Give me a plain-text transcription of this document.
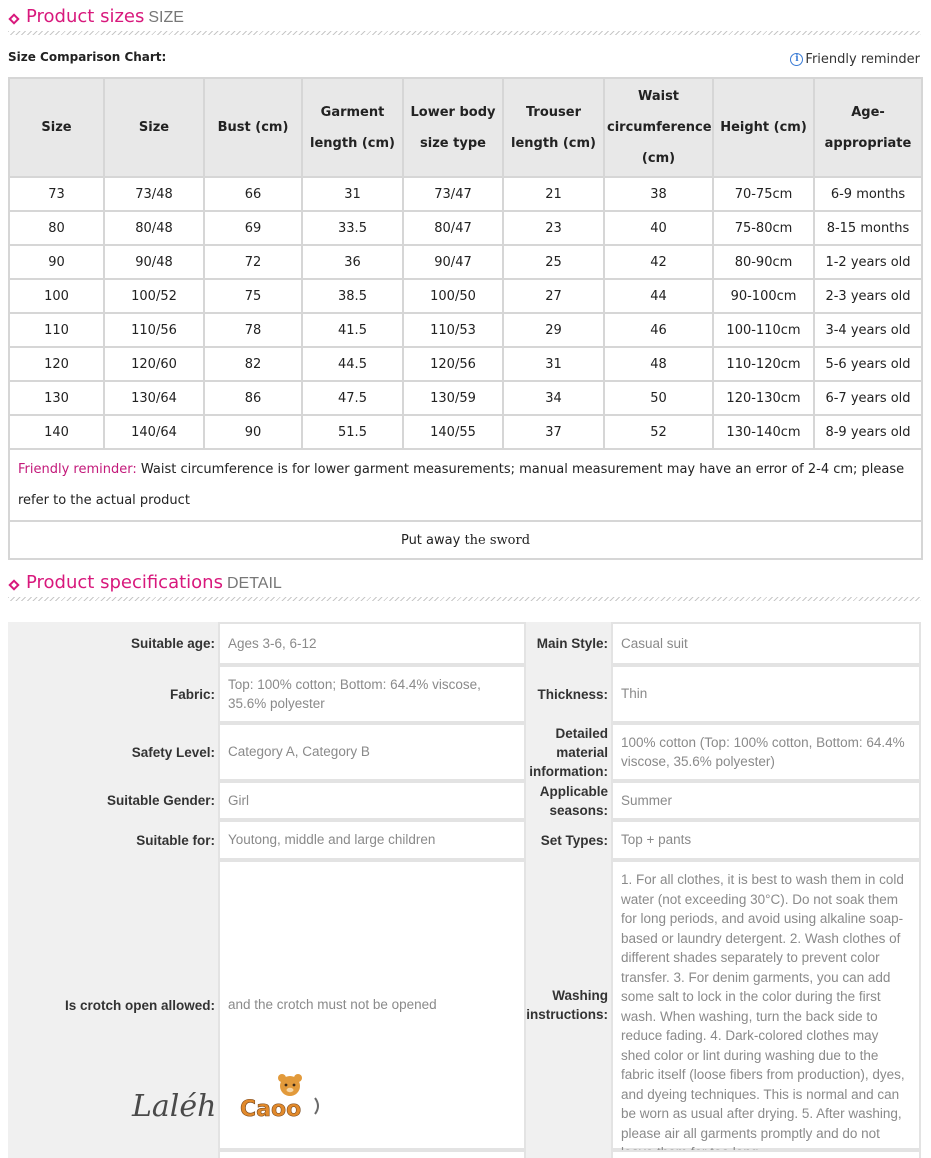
Product sizes SIZE
Size Comparison Chart:	i Friendly reminder
Size	Size	Bust (cm)	Garment length (cm)	Lower body size type	Trouser length (cm)	Waist circumference (cm)	Height (cm)	Age-appropriate
73	73/48	66	31	73/47	21	38	70-75cm	6-9 months
80	80/48	69	33.5	80/47	23	40	75-80cm	8-15 months
90	90/48	72	36	90/47	25	42	80-90cm	1-2 years old
100	100/52	75	38.5	100/50	27	44	90-100cm	2-3 years old
110	110/56	78	41.5	110/53	29	46	100-110cm	3-4 years old
120	120/60	82	44.5	120/56	31	48	110-120cm	5-6 years old
130	130/64	86	47.5	130/59	34	50	120-130cm	6-7 years old
140	140/64	90	51.5	140/55	37	52	130-140cm	8-9 years old
Friendly reminder: Waist circumference is for lower garment measurements; manual measurement may have an error of 2-4 cm; please refer to the actual product								
Put away the sword								
Product specifications DETAIL
Suitable age: Ages 3-6, 6-12	Main Style: Casual suit
Fabric:
Top: 100% cotton; Bottom: 64.4% viscose, 35.6% polyester
Thickness: Thin
Safety Level: Category A, Category B
Detailed material information:
100% cotton (Top: 100% cotton, Bottom: 64.4% viscose, 35.6% polyester)
Suitable Gender: Girl
Applicable seasons:
Summer
Suitable for: Youtong, middle and large children	Set Types: Top + pants
Is crotch open allowed: and the crotch must not be opened
Washing instructions:
1. For all clothes, it is best to wash them in cold water (not exceeding 30°C). Do not soak them for long periods, and avoid using alkaline soap-based or laundry detergent. 2. Wash clothes of different shades separately to prevent color transfer. 3. For denim garments, you can add some salt to lock in the color during the first wash. When washing, turn the back side to reduce fading. 4. Dark-colored clothes may shed color or lint during washing due to the fabric itself (loose fibers from production), dyes, and dyeing techniques. This is normal and can be worn as usual after drying. 5. After washing, please air all garments promptly and do not
Laléh Caoo
